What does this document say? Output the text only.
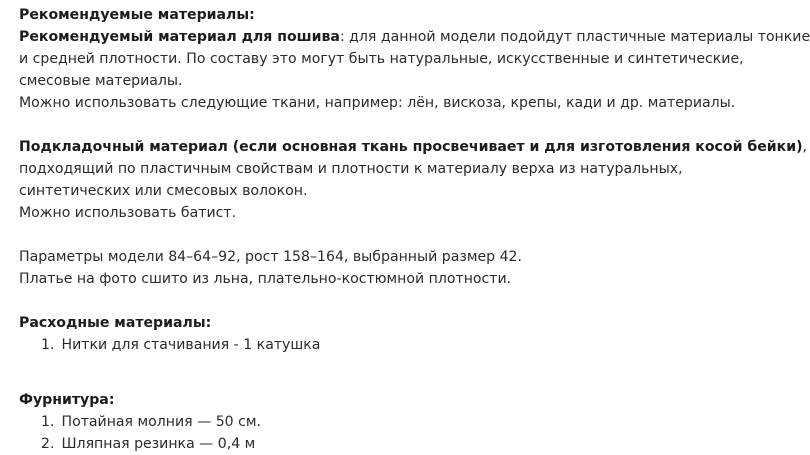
Рекомендуемые материалы:
Рекомендуемый материал для пошива: для данной модели подойдут пластичные материалы тонкие
и средней плотности. По составу это могут быть натуральные, искусственные и синтетические,
смесовые материалы.
Можно использовать следующие ткани, например: лён, вискоза, крепы, кади и др. материалы.
Подкладочный материал (если основная ткань просвечивает и для изготовления косой бейки),
подходящий по пластичным свойствам и плотности к материалу верха из натуральных,
синтетических или смесовых волокон.
Можно использовать батист.
Параметры модели 84–64–92, рост 158–164, выбранный размер 42.
Платье на фото сшито из льна, плательно-костюмной плотности.
Расходные материалы:
1. Нитки для стачивания - 1 катушка
Фурнитура:
1. Потайная молния — 50 см.
2. Шляпная резинка — 0,4 м
